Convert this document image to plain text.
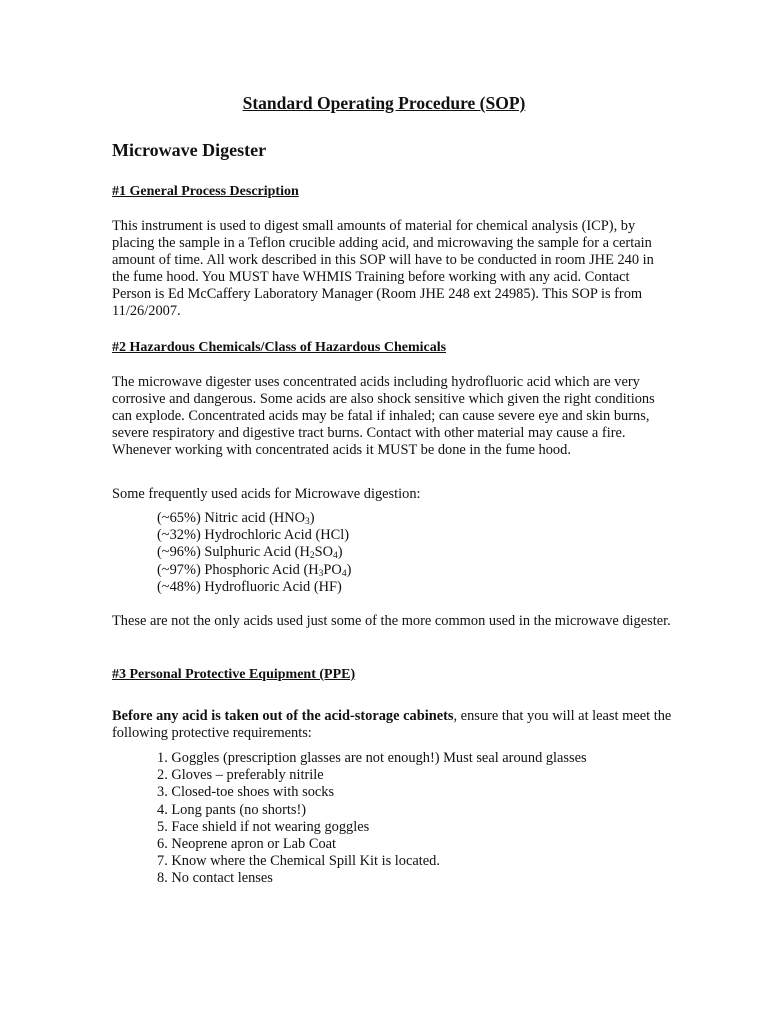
Standard Operating Procedure (SOP)
Microwave Digester
#1 General Process Description

This instrument is used to digest small amounts of material for chemical analysis (ICP), by placing the sample in a Teflon crucible adding acid, and microwaving the sample for a certain amount of time. All work described in this SOP will have to be conducted in room JHE 240 in the fume hood. You MUST have WHMIS Training before working with any acid. Contact Person is Ed McCaffery Laboratory Manager (Room JHE 248 ext 24985). This SOP is from 11/26/2007.

#2 Hazardous Chemicals/Class of Hazardous Chemicals

The microwave digester uses concentrated acids including hydrofluoric acid which are very corrosive and dangerous. Some acids are also shock sensitive which given the right conditions can explode. Concentrated acids may be fatal if inhaled; can cause severe eye and skin burns, severe respiratory and digestive tract burns. Contact with other material may cause a fire. Whenever working with concentrated acids it MUST be done in the fume hood.

Some frequently used acids for Microwave digestion:

(~65%) Nitric acid $(HNO_3)$
(~32%) Hydrochloric Acid (HCl)
(~96%) Sulphuric Acid $(H_2SO_4)$
(~97%) Phosphoric Acid $(H_3PO_4)$
(~48%) Hydrofluoric Acid (HF)

These are not the only acids used just some of the more common used in the microwave digester.

#3 Personal Protective Equipment (PPE)

Before any acid is taken out of the acid-storage cabinets, ensure that you will at least meet the following protective requirements:

1. Goggles (prescription glasses are not enough!) Must seal around glasses
2. Gloves – preferably nitrile
3. Closed-toe shoes with socks
4. Long pants (no shorts!)
5. Face shield if not wearing goggles
6. Neoprene apron or Lab Coat
7. Know where the Chemical Spill Kit is located.
8. No contact lenses
